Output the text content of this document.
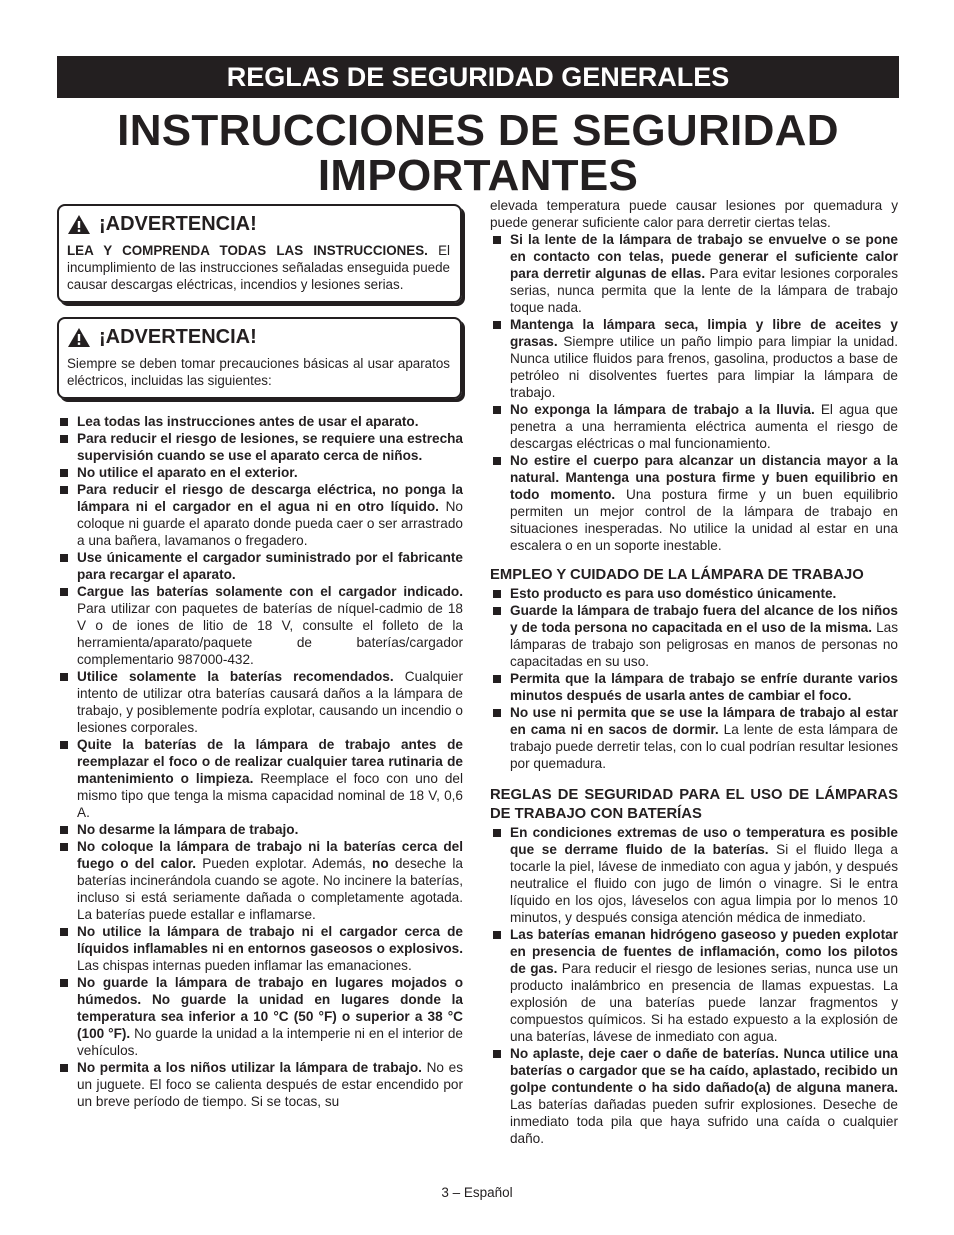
REGLAS DE SEGURIDAD GENERALES
INSTRUCCIONES DE SEGURIDAD
IMPORTANTES
¡ADVERTENCIA!
LEA Y COMPRENDA TODAS LAS INSTRUCCIONES. El incumplimiento de las instrucciones señaladas enseguida puede causar descargas eléctricas, incendios y lesiones serias.
¡ADVERTENCIA!
Siempre se deben tomar precauciones básicas al usar aparatos eléctricos, incluidas las siguientes:
Lea todas las instrucciones antes de usar el aparato.
Para reducir el riesgo de lesiones, se requiere una estrecha supervisión cuando se use el aparato cerca de niños.
No utilice el aparato en el exterior.
Para reducir el riesgo de descarga eléctrica, no ponga la lámpara ni el cargador en el agua ni en otro líquido. No coloque ni guarde el aparato donde pueda caer o ser arrastrado a una bañera, lavamanos o fregadero.
Use únicamente el cargador suministrado por el fabricante para recargar el aparato.
Cargue las baterías solamente con el cargador indicado. Para utilizar con paquetes de baterías de níquel-cadmio de 18 V o de iones de litio de 18 V, consulte el folleto de la herramienta/aparato/paquete de baterías/cargador complementario 987000-432.
Utilice solamente la baterías recomendados. Cualquier intento de utilizar otra baterías causará daños a la lámpara de trabajo, y posiblemente podría explotar, causando un incendio o lesiones corporales.
Quite la baterías de la lámpara de trabajo antes de reemplazar el foco o de realizar cualquier tarea rutinaria de mantenimiento o limpieza. Reemplace el foco con uno del mismo tipo que tenga la misma capacidad nominal de 18 V, 0,6 A.
No desarme la lámpara de trabajo.
No coloque la lámpara de trabajo ni la baterías cerca del fuego o del calor. Pueden explotar. Además, no deseche la baterías incinerándola cuando se agote. No incinere la baterías, incluso si está seriamente dañada o completamente agotada. La baterías puede estallar e inflamarse.
No utilice la lámpara de trabajo ni el cargador cerca de líquidos inflamables ni en entornos gaseosos o explosivos. Las chispas internas pueden inflamar las emanaciones.
No guarde la lámpara de trabajo en lugares mojados o húmedos. No guarde la unidad en lugares donde la temperatura sea inferior a 10 °C (50 °F) o superior a 38 °C (100 °F). No guarde la unidad a la intemperie ni en el interior de vehículos.
No permita a los niños utilizar la lámpara de trabajo. No es un juguete. El foco se calienta después de estar encendido por un breve período de tiempo. Si se tocas, su
elevada temperatura puede causar lesiones por quemadura y puede generar suficiente calor para derretir ciertas telas.
Si la lente de la lámpara de trabajo se envuelve o se pone en contacto con telas, puede generar el suficiente calor para derretir algunas de ellas. Para evitar lesiones corporales serias, nunca permita que la lente de la lámpara de trabajo toque nada.
Mantenga la lámpara seca, limpia y libre de aceites y grasas. Siempre utilice un paño limpio para limpiar la unidad. Nunca utilice fluidos para frenos, gasolina, productos a base de petróleo ni disolventes fuertes para limpiar la lámpara de trabajo.
No exponga la lámpara de trabajo a la lluvia. El agua que penetra a una herramienta eléctrica aumenta el riesgo de descargas eléctricas o mal funcionamiento.
No estire el cuerpo para alcanzar un distancia mayor a la natural. Mantenga una postura firme y buen equilibrio en todo momento. Una postura firme y un buen equilibrio permiten un mejor control de la lámpara de trabajo en situaciones inesperadas. No utilice la unidad al estar en una escalera o en un soporte inestable.
EMPLEO Y CUIDADO DE LA LÁMPARA DE TRABAJO
Esto producto es para uso doméstico únicamente.
Guarde la lámpara de trabajo fuera del alcance de los niños y de toda persona no capacitada en el uso de la misma. Las lámparas de trabajo son peligrosas en manos de personas no capacitadas en su uso.
Permita que la lámpara de trabajo se enfríe durante varios minutos después de usarla antes de cambiar el foco.
No use ni permita que se use la lámpara de trabajo al estar en cama ni en sacos de dormir. La lente de esta lámpara de trabajo puede derretir telas, con lo cual podrían resultar lesiones por quemadura.
REGLAS DE SEGURIDAD PARA EL USO DE LÁMPARAS DE TRABAJO CON BATERÍAS
En condiciones extremas de uso o temperatura es posible que se derrame fluido de la baterías. Si el fluido llega a tocarle la piel, lávese de inmediato con agua y jabón, y después neutralice el fluido con jugo de limón o vinagre. Si le entra líquido en los ojos, láveselos con agua limpia por lo menos 10 minutos, y después consiga atención médica de inmediato.
Las baterías emanan hidrógeno gaseoso y pueden explotar en presencia de fuentes de inflamación, como los pilotos de gas. Para reducir el riesgo de lesiones serias, nunca use un producto inalámbrico en presencia de llamas expuestas. La explosión de una baterías puede lanzar fragmentos y compuestos químicos. Si ha estado expuesto a la explosión de una baterías, lávese de inmediato con agua.
No aplaste, deje caer o dañe de baterías. Nunca utilice una baterías o cargador que se ha caído, aplastado, recibido un golpe contundente o ha sido dañado(a) de alguna manera. Las baterías dañadas pueden sufrir explosiones. Deseche de inmediato toda pila que haya sufrido una caída o cualquier daño.
3 – Español
